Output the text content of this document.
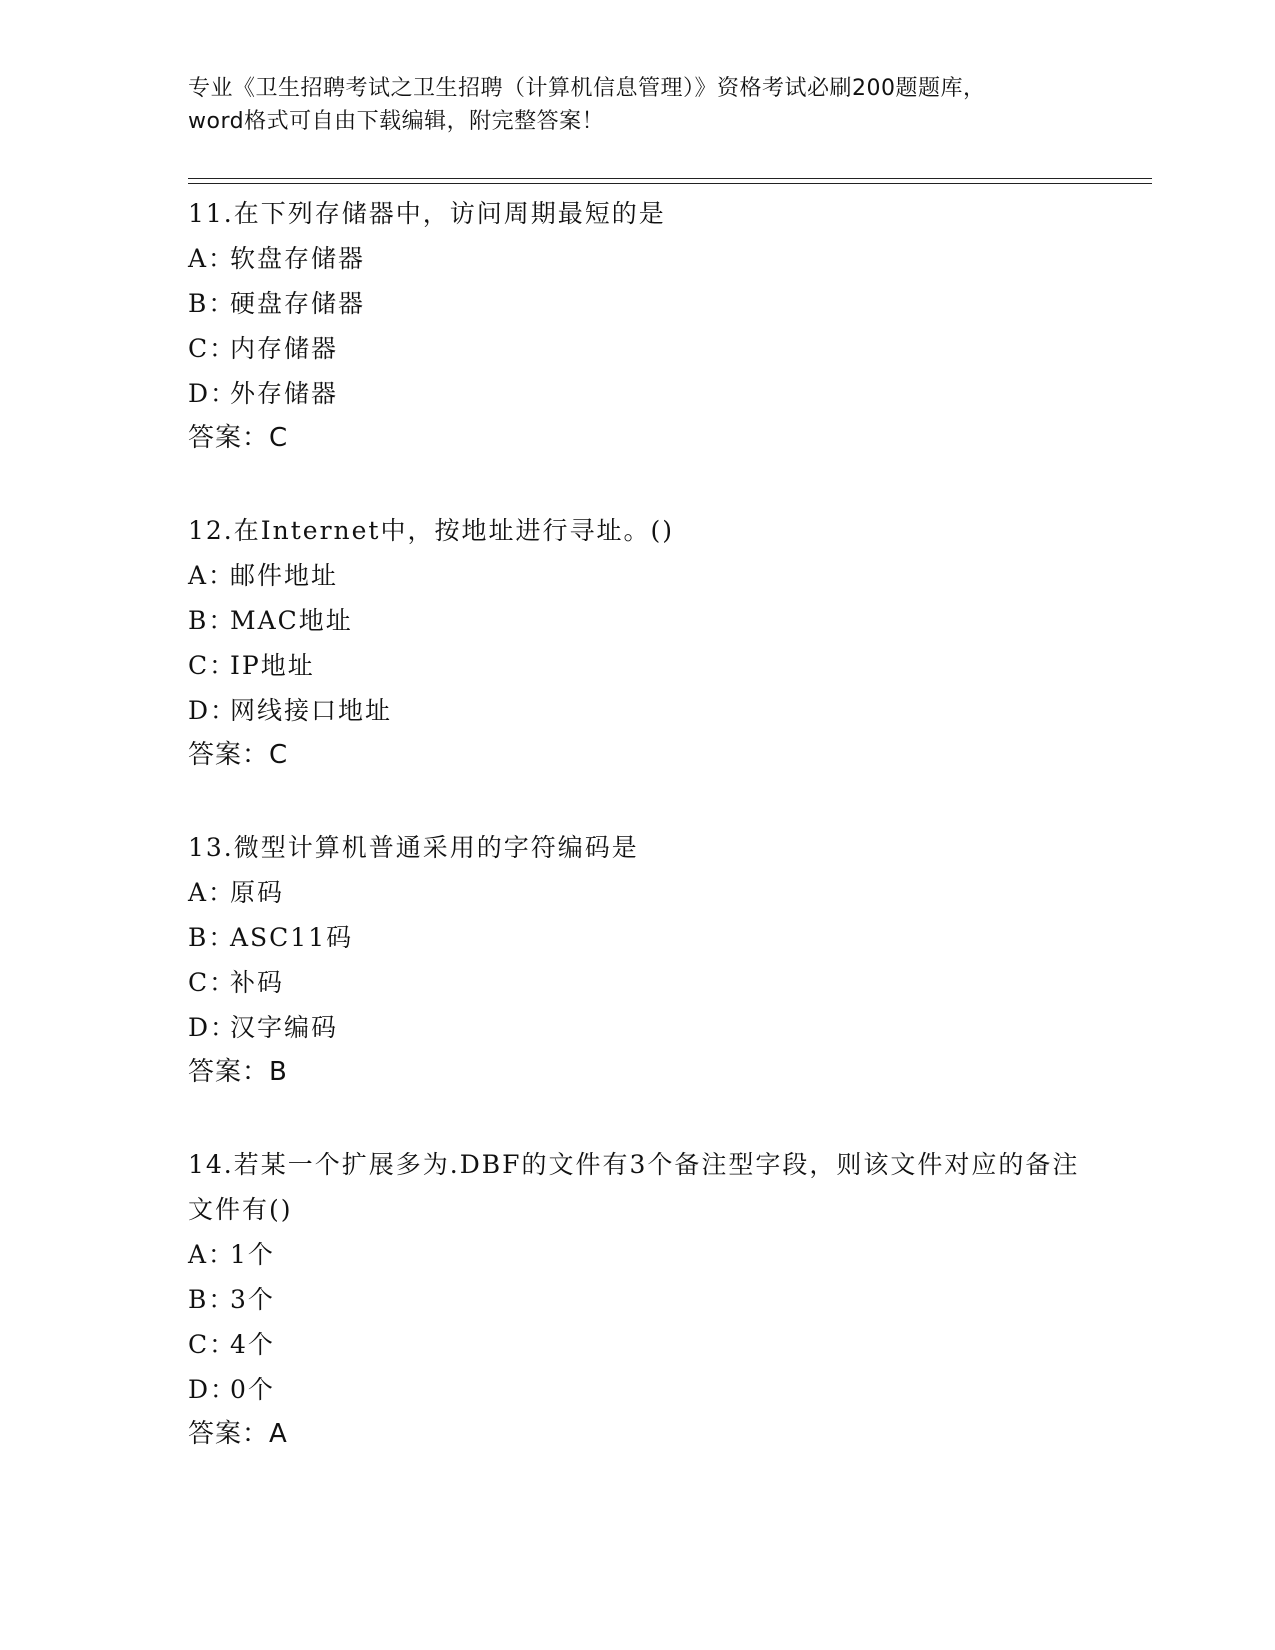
专业《卫生招聘考试之卫生招聘（计算机信息管理）》资格考试必刷200题题库，
word格式可自由下载编辑，附完整答案！
11.在下列存储器中，访问周期最短的是
A：
软盘存储器
B：
硬盘存储器
C：
内存储器
D：
外存储器
答案：C
12.在Internet中，按地址进行寻址。()
A：
邮件地址
B：
MAC地址
C：
IP地址
D：
网线接口地址
答案：C
13.微型计算机普通采用的字符编码是
A：
原码
B：
ASC11码
C：
补码
D：
汉字编码
答案：B
14.若某一个扩展多为.DBF的文件有3个备注型字段，则该文件对应的备注文件有()
A：
1个
B：
3个
C：
4个
D：
0个
答案：A
